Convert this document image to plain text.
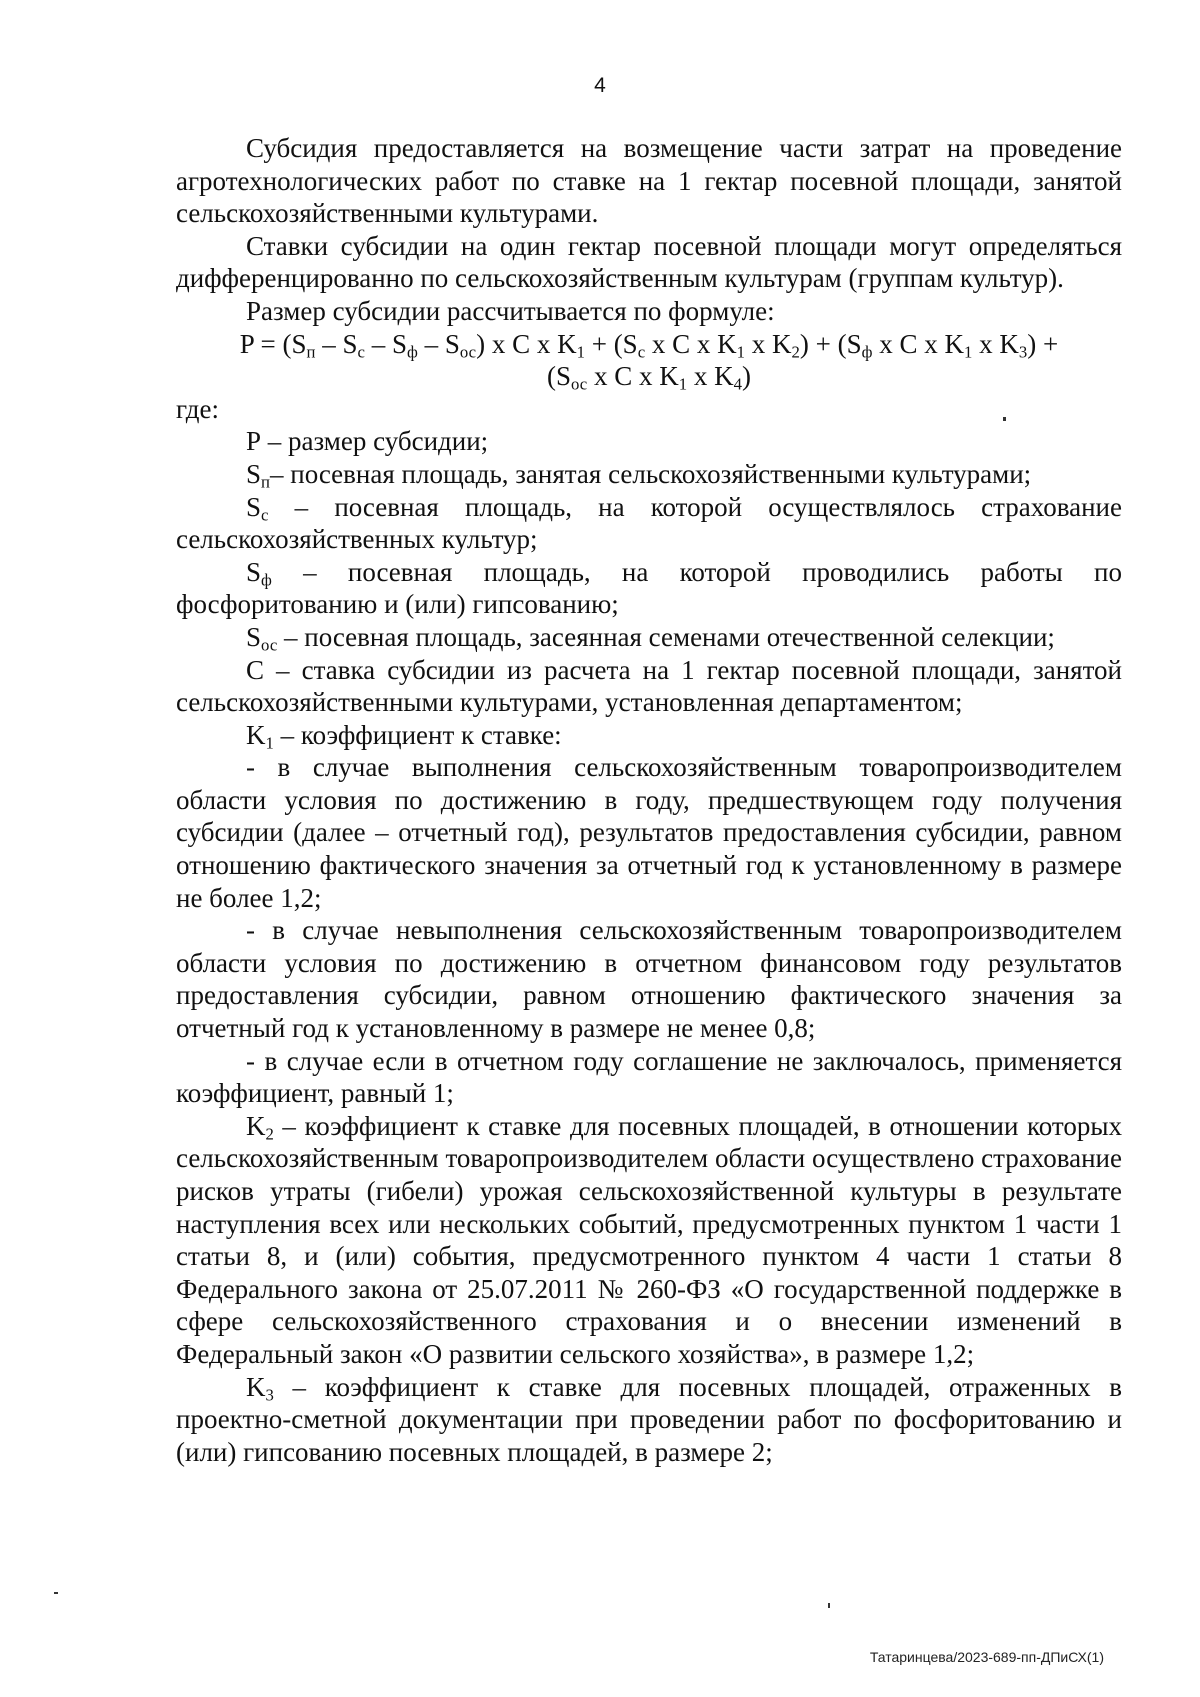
4

Субсидия предоставляется на возмещение части затрат на проведение агротехнологических работ по ставке на 1 гектар посевной площади, занятой сельскохозяйственными культурами.

Ставки субсидии на один гектар посевной площади могут определяться дифференцированно по сельскохозяйственным культурам (группам культур).

Размер субсидии рассчитывается по формуле:

$P = (S_п - S_с - S_ф - S_{ос})$ х С х $K_1 + (S_с$ х С х $K_1$ х $K_2) + (S_ф$ х С х $K_1$ х $K_3$) +

($S_{ос}$ х С х $K_1$ х $K_4$)

где:

Р – размер субсидии;

$S_п-$ посевная площадь, занятая сельскохозяйственными культурами;

$S_с$ – посевная площадь, на которой осуществлялось страхование сельскохозяйственных культур;

$S_ф$ – посевная площадь, на которой проводились работы по фосфоритованию и (или) гипсованию;

$S_{ос}$ – посевная площадь, засеянная семенами отечественной селекции;

С – ставка субсидии из расчета на 1 гектар посевной площади, занятой сельскохозяйственными культурами, установленная департаментом;

$K_1$ – коэффициент к ставке:

- в случае выполнения сельскохозяйственным товаропроизводителем области условия по достижению в году, предшествующем году получения субсидии (далее – отчетный год), результатов предоставления субсидии, равном отношению фактического значения за отчетный год к установленному в размере не более 1,2;

- в случае невыполнения сельскохозяйственным товаропроизводителем области условия по достижению в отчетном финансовом году результатов предоставления субсидии, равном отношению фактического значения за отчетный год к установленному в размере не менее 0,8;

- в случае если в отчетном году соглашение не заключалось, применяется коэффициент, равный 1;

$K_2$ – коэффициент к ставке для посевных площадей, в отношении которых сельскохозяйственным товаропроизводителем области осуществлено страхование рисков утраты (гибели) урожая сельскохозяйственной культуры в результате наступления всех или нескольких событий, предусмотренных пунктом 1 части 1 статьи 8, и (или) события, предусмотренного пунктом 4 части 1 статьи 8 Федерального закона от 25.07.2011 № 260-ФЗ «О государственной поддержке в сфере сельскохозяйственного страхования и о внесении изменений в Федеральный закон «О развитии сельского хозяйства», в размере 1,2;

$K_3$ – коэффициент к ставке для посевных площадей, отраженных в проектно-сметной документации при проведении работ по фосфоритованию и (или) гипсованию посевных площадей, в размере 2;

Татаринцева/2023-689-пп-ДПиСХ(1)
